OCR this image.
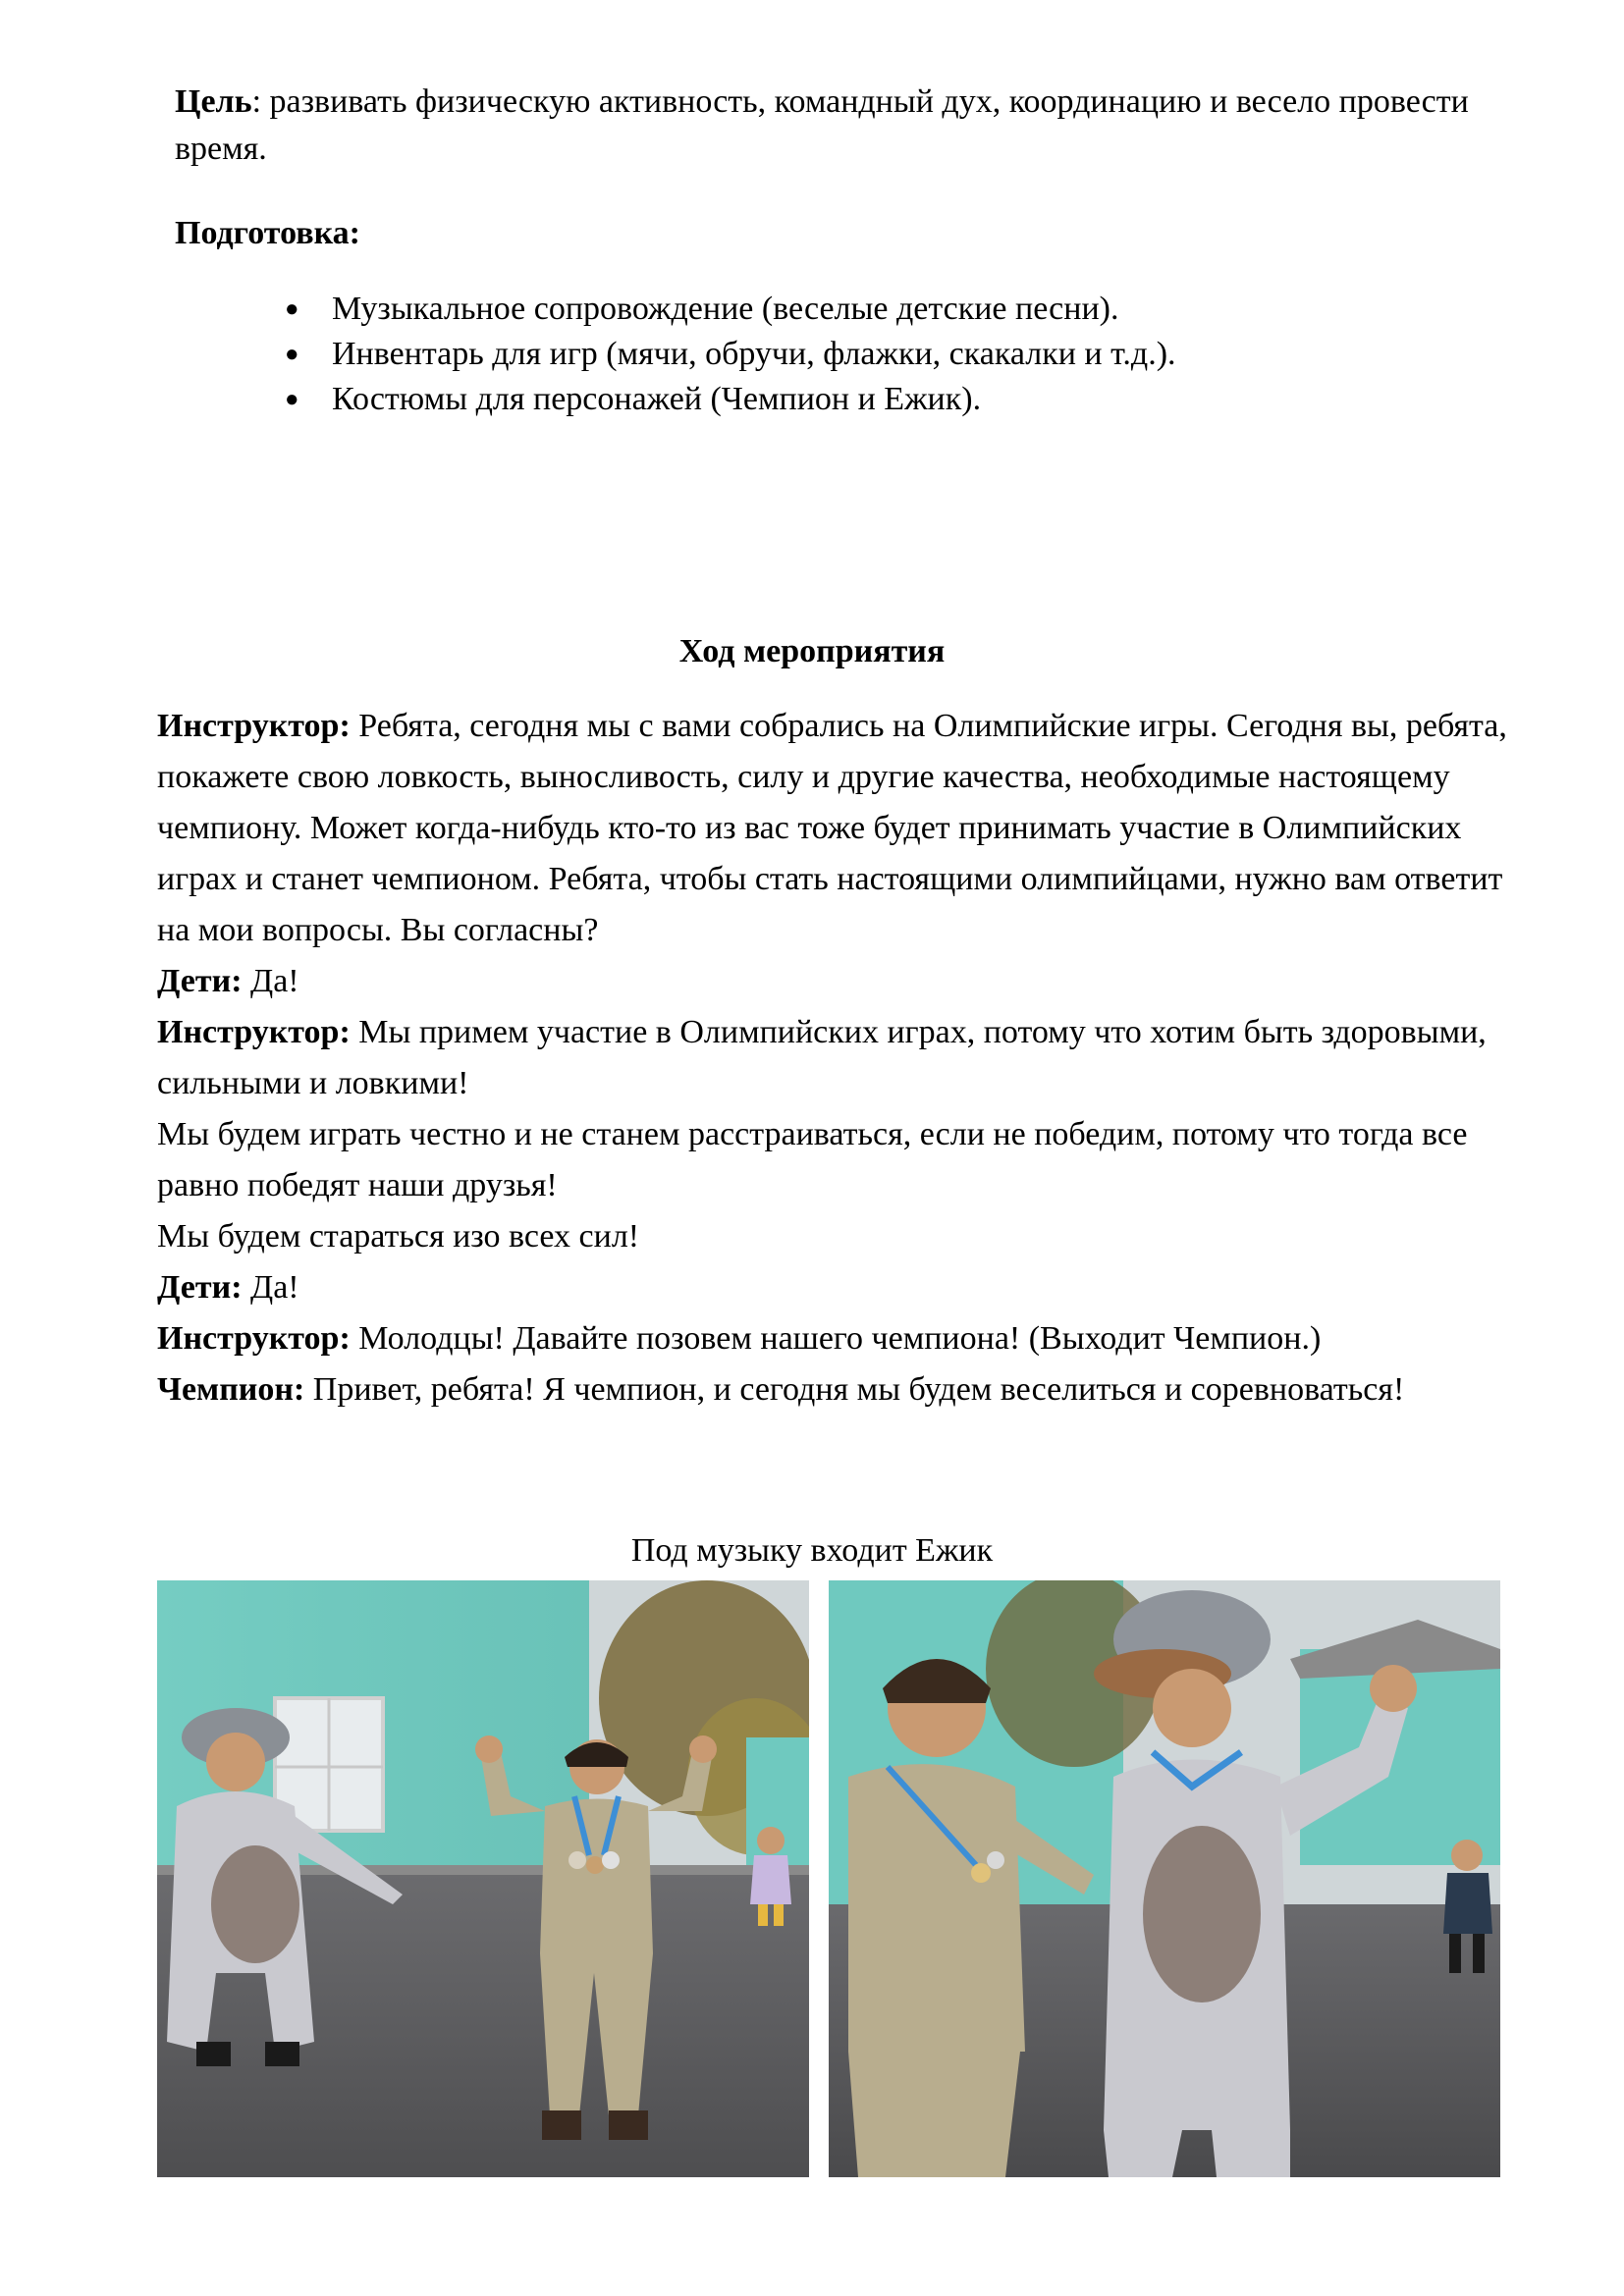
Цель: развивать физическую активность, командный дух, координацию и весело провести время.
Подготовка:
● Музыкальное сопровождение (веселые детские песни).
● Инвентарь для игр (мячи, обручи, флажки, скакалки и т.д.).
● Костюмы для персонажей (Чемпион и Ежик).
Ход мероприятия

Инструктор: Ребята, сегодня мы с вами собрались на Олимпийские игры. Сегодня вы, ребята, покажете свою ловкость, выносливость, силу и другие качества, необходимые настоящему чемпиону. Может когда-нибудь кто-то из вас тоже будет принимать участие в Олимпийских играх и станет чемпионом. Ребята, чтобы стать настоящими олимпийцами, нужно вам ответит на мои вопросы. Вы согласны?

Дети: Да!

Инструктор: Мы примем участие в Олимпийских играх, потому что хотим быть здоровыми, сильными и ловкими!

Мы будем играть честно и не станем расстраиваться, если не победим, потому что тогда все равно победят наши друзья!

Мы будем стараться изо всех сил!

Дети: Да!

Инструктор: Молодцы! Давайте позовем нашего чемпиона! (Выходит Чемпион.)

Чемпион: Привет, ребята! Я чемпион, и сегодня мы будем веселиться и соревноваться!

Под музыку входит Ежик
